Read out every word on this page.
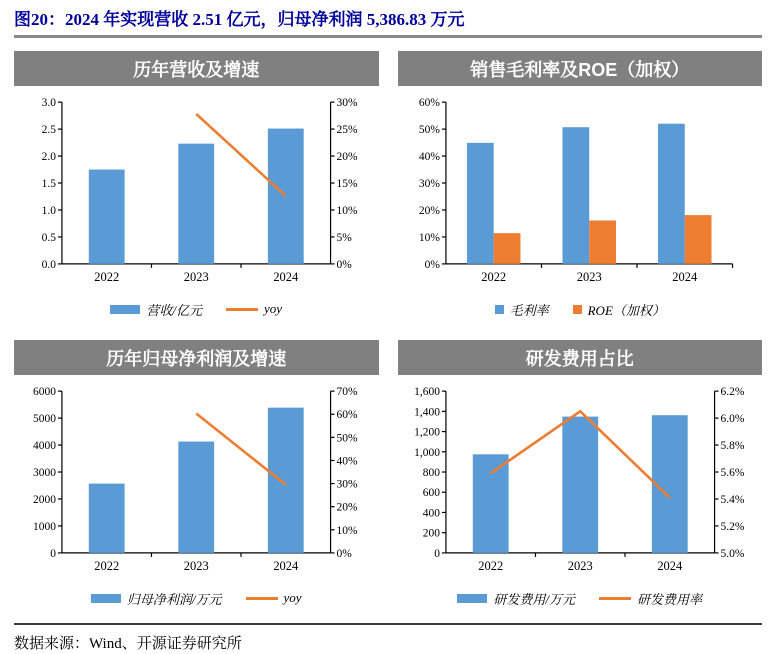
图20：2024 年实现营收 2.51 亿元，归母净利润 5,386.83 万元
历年营收及增速
0.0
0.5
1.0
1.5
2.0
2.5
3.0
0%
5%
10%
15%
20%
25%
30%
2022	2023	2024
营收/亿元	yoy
销售毛利率及ROE（加权）
0%
10%
20%
30%
40%
50%
60%
2022	2023	2024
毛利率	ROE（加权）
历年归母净利润及增速
0
1000
2000
3000
4000
5000
6000
0%
10%
20%
30%
40%
50%
60%
70%
2022	2023	2024
归母净利润/万元	yoy
研发费用占比
0
200
400
600
800
1,000
1,200
1,400
1,600
5.0%
5.2%
5.4%
5.6%
5.8%
6.0%
6.2%
2022	2023	2024
研发费用/万元	研发费用率
数据来源：Wind、开源证券研究所
